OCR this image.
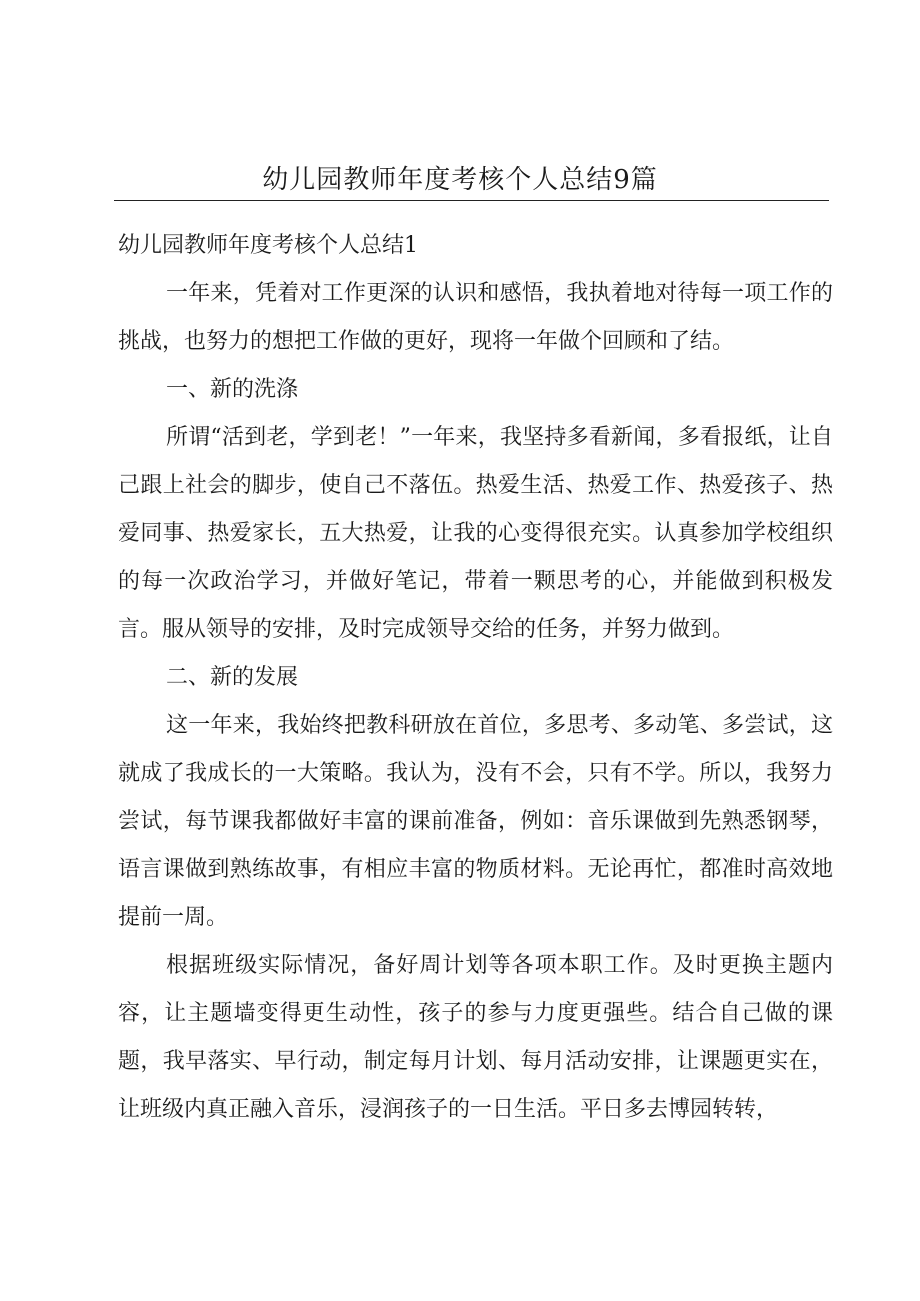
幼儿园教师年度考核个人总结9篇

幼儿园教师年度考核个人总结1

一年来，凭着对工作更深的认识和感悟，我执着地对待每一项工作的挑战，也努力的想把工作做的更好，现将一年做个回顾和了结。

一、新的洗涤

所谓“活到老，学到老！”一年来，我坚持多看新闻，多看报纸，让自己跟上社会的脚步，使自己不落伍。热爱生活、热爱工作、热爱孩子、热爱同事、热爱家长，五大热爱，让我的心变得很充实。认真参加学校组织的每一次政治学习，并做好笔记，带着一颗思考的心，并能做到积极发言。服从领导的安排，及时完成领导交给的任务，并努力做到。

二、新的发展

这一年来，我始终把教科研放在首位，多思考、多动笔、多尝试，这就成了我成长的一大策略。我认为，没有不会，只有不学。所以，我努力尝试，每节课我都做好丰富的课前准备，例如：音乐课做到先熟悉钢琴，语言课做到熟练故事，有相应丰富的物质材料。无论再忙，都准时高效地提前一周。

根据班级实际情况，备好周计划等各项本职工作。及时更换主题内容，让主题墙变得更生动性，孩子的参与力度更强些。结合自己做的课题，我早落实、早行动，制定每月计划、每月活动安排，让课题更实在，让班级内真正融入音乐，浸润孩子的一日生活。平日多去博园转转，
